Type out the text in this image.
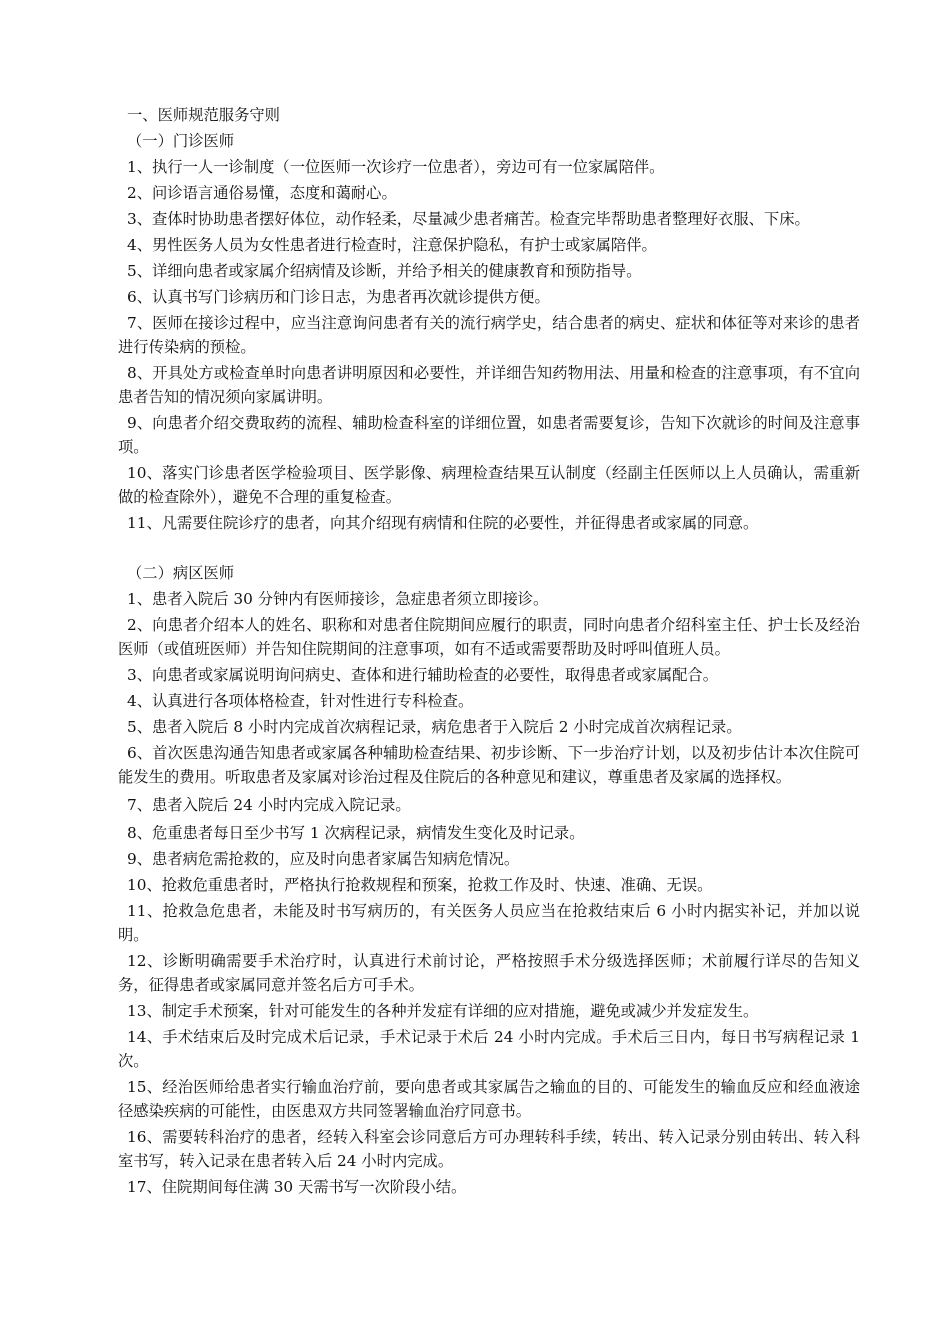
一、医师规范服务守则

（一）门诊医师

1、执行一人一诊制度（一位医师一次诊疗一位患者），旁边可有一位家属陪伴。

2、问诊语言通俗易懂，态度和蔼耐心。

3、查体时协助患者摆好体位，动作轻柔，尽量减少患者痛苦。检查完毕帮助患者整理好衣服、下床。

4、男性医务人员为女性患者进行检查时，注意保护隐私，有护士或家属陪伴。

5、详细向患者或家属介绍病情及诊断，并给予相关的健康教育和预防指导。

6、认真书写门诊病历和门诊日志，为患者再次就诊提供方便。

7、医师在接诊过程中，应当注意询问患者有关的流行病学史，结合患者的病史、症状和体征等对来诊的患者进行传染病的预检。

8、开具处方或检查单时向患者讲明原因和必要性，并详细告知药物用法、用量和检查的注意事项，有不宜向患者告知的情况须向家属讲明。

9、向患者介绍交费取药的流程、辅助检查科室的详细位置，如患者需要复诊，告知下次就诊的时间及注意事项。

10、落实门诊患者医学检验项目、医学影像、病理检查结果互认制度（经副主任医师以上人员确认，需重新做的检查除外），避免不合理的重复检查。

11、凡需要住院诊疗的患者，向其介绍现有病情和住院的必要性，并征得患者或家属的同意。

（二）病区医师

1、患者入院后 30 分钟内有医师接诊，急症患者须立即接诊。

2、向患者介绍本人的姓名、职称和对患者住院期间应履行的职责，同时向患者介绍科室主任、护士长及经治医师（或值班医师）并告知住院期间的注意事项，如有不适或需要帮助及时呼叫值班人员。

3、向患者或家属说明询问病史、查体和进行辅助检查的必要性，取得患者或家属配合。

4、认真进行各项体格检查，针对性进行专科检查。

5、患者入院后 8 小时内完成首次病程记录，病危患者于入院后 2 小时完成首次病程记录。

6、首次医患沟通告知患者或家属各种辅助检查结果、初步诊断、下一步治疗计划，以及初步估计本次住院可能发生的费用。听取患者及家属对诊治过程及住院后的各种意见和建议，尊重患者及家属的选择权。

7、患者入院后 24 小时内完成入院记录。

8、危重患者每日至少书写 1 次病程记录，病情发生变化及时记录。

9、患者病危需抢救的，应及时向患者家属告知病危情况。

10、抢救危重患者时，严格执行抢救规程和预案，抢救工作及时、快速、准确、无误。

11、抢救急危患者，未能及时书写病历的，有关医务人员应当在抢救结束后 6 小时内据实补记，并加以说明。

12、诊断明确需要手术治疗时，认真进行术前讨论，严格按照手术分级选择医师；术前履行详尽的告知义务，征得患者或家属同意并签名后方可手术。

13、制定手术预案，针对可能发生的各种并发症有详细的应对措施，避免或减少并发症发生。

14、手术结束后及时完成术后记录，手术记录于术后 24 小时内完成。手术后三日内，每日书写病程记录 1 次。

15、经治医师给患者实行输血治疗前，要向患者或其家属告之输血的目的、可能发生的输血反应和经血液途径感染疾病的可能性，由医患双方共同签署输血治疗同意书。

16、需要转科治疗的患者，经转入科室会诊同意后方可办理转科手续，转出、转入记录分别由转出、转入科室书写，转入记录在患者转入后 24 小时内完成。

17、住院期间每住满 30 天需书写一次阶段小结。
